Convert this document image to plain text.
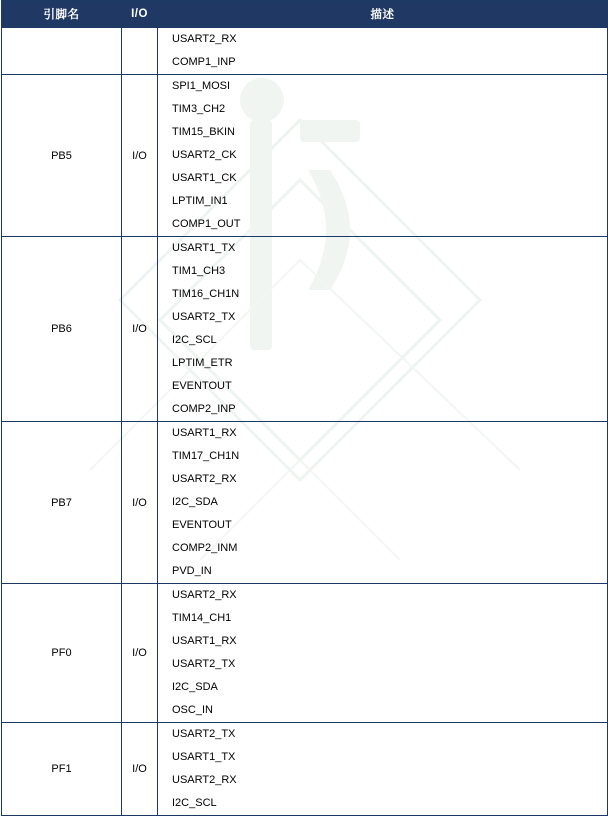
引脚名	I/O	描述

USART2_RX
COMP1_INP

PB5	I/O	
SPI1_MOSI
TIM3_CH2
TIM15_BKIN
USART2_CK
USART1_CK
LPTIM_IN1
COMP1_OUT

PB6	I/O	
USART1_TX
TIM1_CH3
TIM16_CH1N
USART2_TX
I2C_SCL
LPTIM_ETR
EVENTOUT
COMP2_INP

PB7	I/O	
USART1_RX
TIM17_CH1N
USART2_RX
I2C_SDA
EVENTOUT
COMP2_INM
PVD_IN

PF0	I/O	
USART2_RX
TIM14_CH1
USART1_RX
USART2_TX
I2C_SDA
OSC_IN

PF1	I/O	
USART2_TX
USART1_TX
USART2_RX
I2C_SCL
